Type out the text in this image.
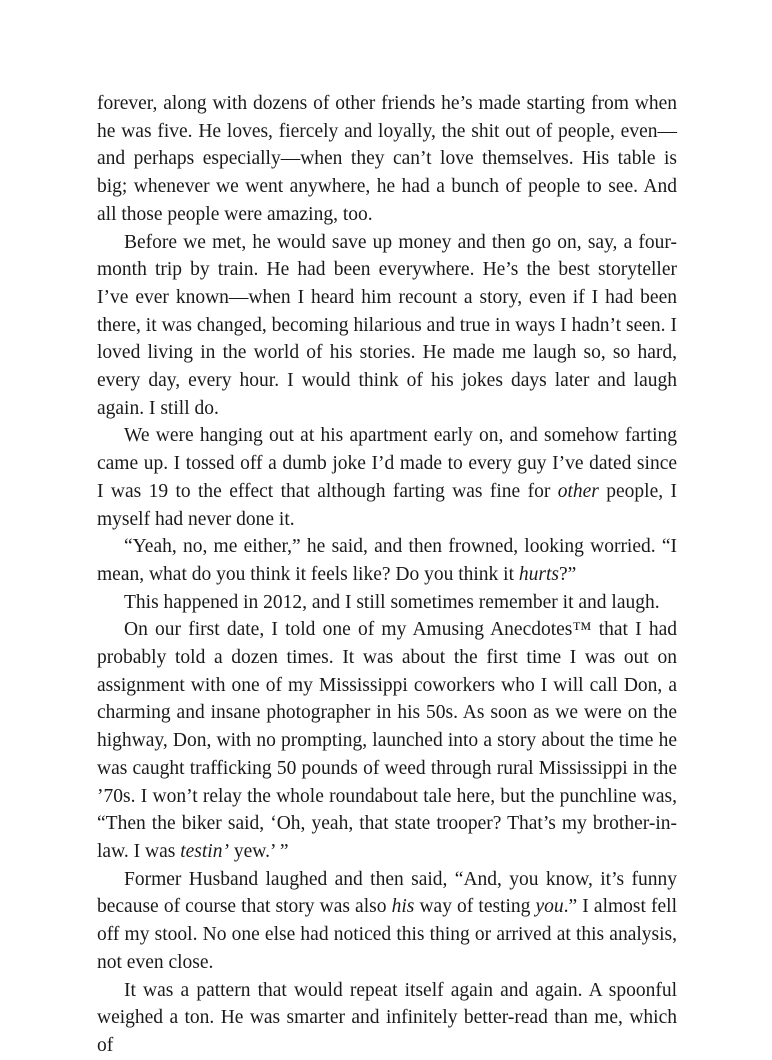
forever, along with dozens of other friends he’s made starting from when he was five. He loves, fiercely and loyally, the shit out of people, even—and perhaps especially—when they can’t love themselves. His table is big; whenever we went anywhere, he had a bunch of people to see. And all those people were amazing, too.

Before we met, he would save up money and then go on, say, a four-month trip by train. He had been everywhere. He’s the best storyteller I’ve ever known—when I heard him recount a story, even if I had been there, it was changed, becoming hilarious and true in ways I hadn’t seen. I loved living in the world of his stories. He made me laugh so, so hard, every day, every hour. I would think of his jokes days later and laugh again. I still do.

We were hanging out at his apartment early on, and somehow farting came up. I tossed off a dumb joke I’d made to every guy I’ve dated since I was 19 to the effect that although farting was fine for other people, I myself had never done it.

“Yeah, no, me either,” he said, and then frowned, looking worried. “I mean, what do you think it feels like? Do you think it hurts?”

This happened in 2012, and I still sometimes remember it and laugh.

On our first date, I told one of my Amusing Anecdotes™ that I had probably told a dozen times. It was about the first time I was out on assignment with one of my Mississippi coworkers who I will call Don, a charming and insane photographer in his 50s. As soon as we were on the highway, Don, with no prompting, launched into a story about the time he was caught trafficking 50 pounds of weed through rural Mississippi in the ’70s. I won’t relay the whole roundabout tale here, but the punchline was, “Then the biker said, ‘Oh, yeah, that state trooper? That’s my brother-in-law. I was testin’ yew.’ ”

Former Husband laughed and then said, “And, you know, it’s funny because of course that story was also his way of testing you.” I almost fell off my stool. No one else had noticed this thing or arrived at this analysis, not even close.

It was a pattern that would repeat itself again and again. A spoonful weighed a ton. He was smarter and infinitely better-read than me, which of
